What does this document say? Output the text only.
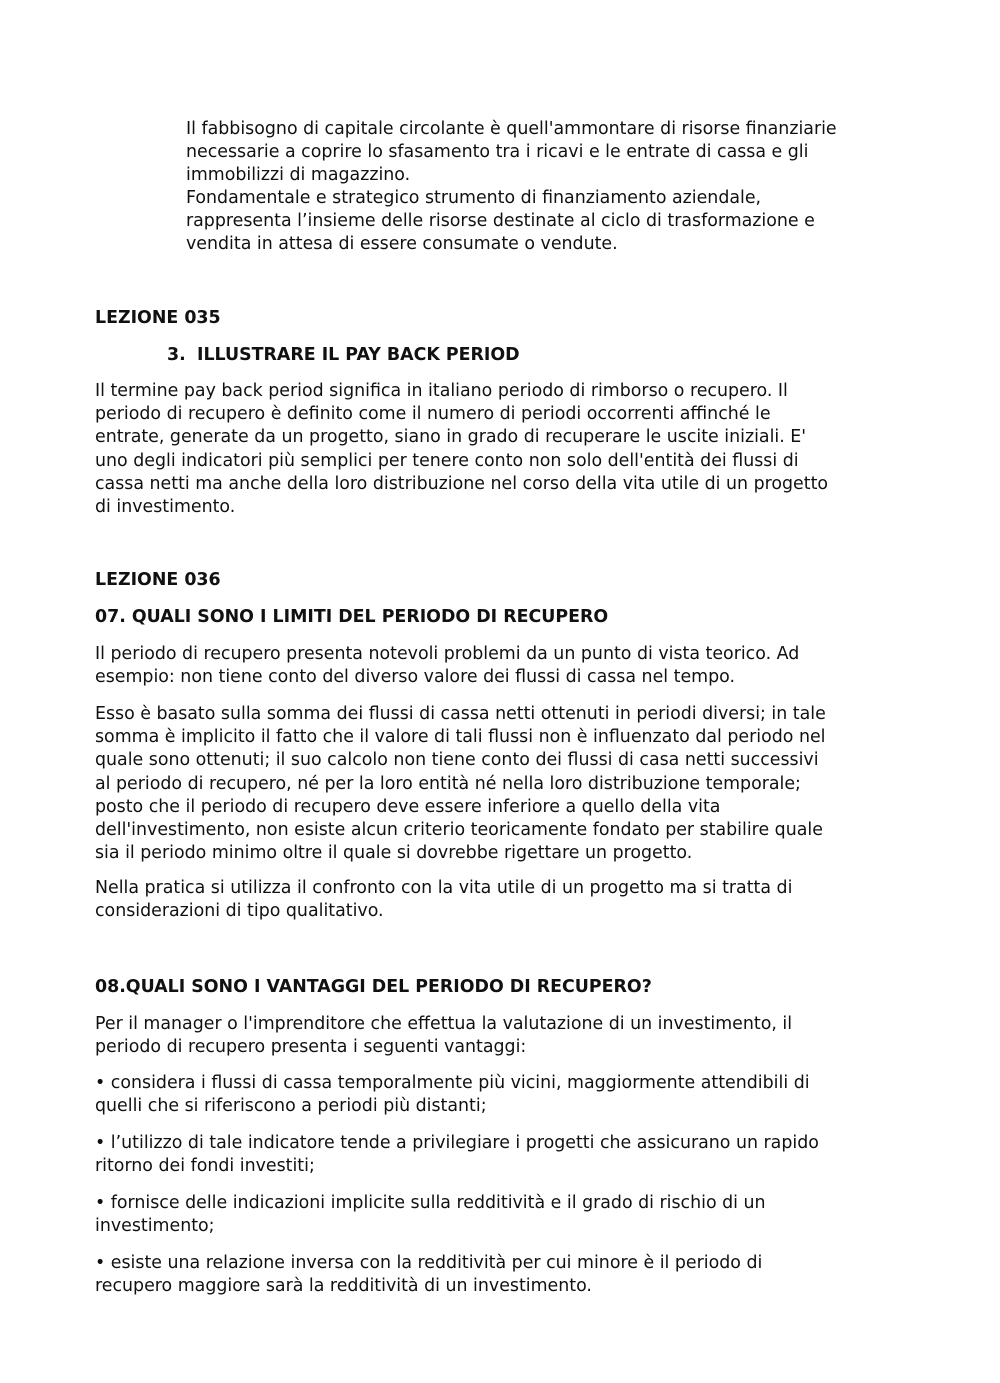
Il fabbisogno di capitale circolante è quell'ammontare di risorse finanziarie
necessarie a coprire lo sfasamento tra i ricavi e le entrate di cassa e gli
immobilizzi di magazzino.

Fondamentale e strategico strumento di finanziamento aziendale,
rappresenta l’insieme delle risorse destinate al ciclo di trasformazione e
vendita in attesa di essere consumate o vendute.

LEZIONE 035

3. ILLUSTRARE IL PAY BACK PERIOD

Il termine pay back period significa in italiano periodo di rimborso o recupero. Il
periodo di recupero è definito come il numero di periodi occorrenti affinché le
entrate, generate da un progetto, siano in grado di recuperare le uscite iniziali. E'
uno degli indicatori più semplici per tenere conto non solo dell'entità dei flussi di
cassa netti ma anche della loro distribuzione nel corso della vita utile di un progetto
di investimento.

LEZIONE 036

07. QUALI SONO I LIMITI DEL PERIODO DI RECUPERO

Il periodo di recupero presenta notevoli problemi da un punto di vista teorico. Ad
esempio: non tiene conto del diverso valore dei flussi di cassa nel tempo.

Esso è basato sulla somma dei flussi di cassa netti ottenuti in periodi diversi; in tale
somma è implicito il fatto che il valore di tali flussi non è influenzato dal periodo nel
quale sono ottenuti; il suo calcolo non tiene conto dei flussi di casa netti successivi
al periodo di recupero, né per la loro entità né nella loro distribuzione temporale;
posto che il periodo di recupero deve essere inferiore a quello della vita
dell'investimento, non esiste alcun criterio teoricamente fondato per stabilire quale
sia il periodo minimo oltre il quale si dovrebbe rigettare un progetto.

Nella pratica si utilizza il confronto con la vita utile di un progetto ma si tratta di
considerazioni di tipo qualitativo.

08.QUALI SONO I VANTAGGI DEL PERIODO DI RECUPERO?

Per il manager o l'imprenditore che effettua la valutazione di un investimento, il
periodo di recupero presenta i seguenti vantaggi:

• considera i flussi di cassa temporalmente più vicini, maggiormente attendibili di
quelli che si riferiscono a periodi più distanti;

• l’utilizzo di tale indicatore tende a privilegiare i progetti che assicurano un rapido
ritorno dei fondi investiti;

• fornisce delle indicazioni implicite sulla redditività e il grado di rischio di un
investimento;

• esiste una relazione inversa con la redditività per cui minore è il periodo di
recupero maggiore sarà la redditività di un investimento.
